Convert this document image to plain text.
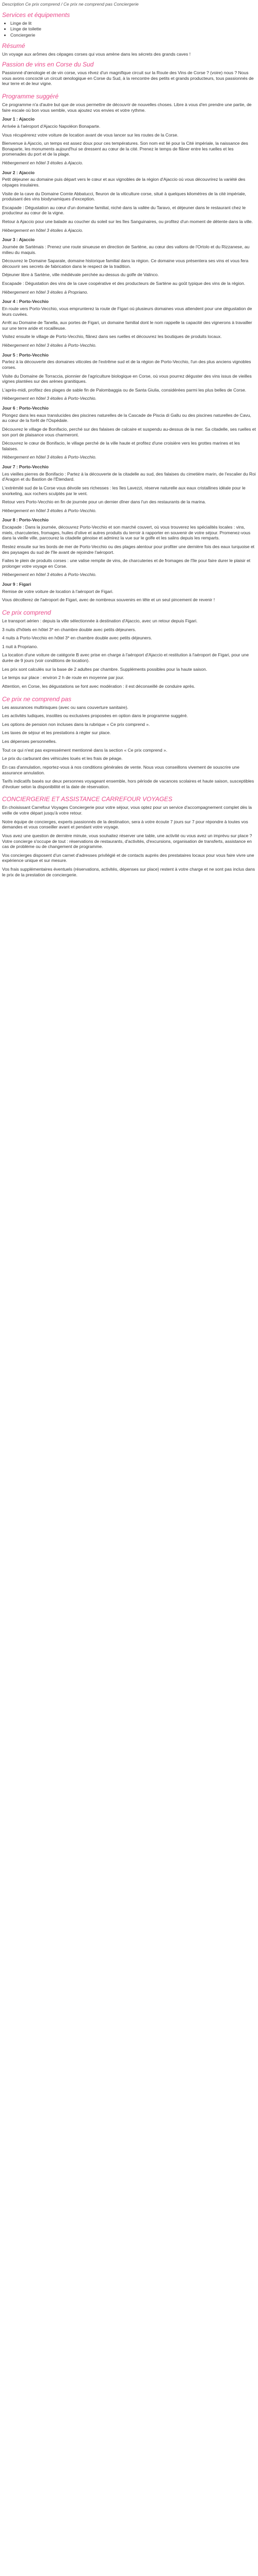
Description Ce prix comprend / Ce prix ne comprend pas Conciergerie

Services et équipements
• Linge de lit
• Linge de toilette
• Conciergerie
Résumé

Un voyage aux arômes des cépages corses qui vous amène dans les sécrets des grands caves !

Passion de vins en Corse du Sud

Passionné d'œnologie et de vin corse, vous rêvez d'un magnifique circuit sur la Route des Vins de Corse ? (voire) nous ? Nous vous avons concocté un circuit œnologique en Corse du Sud, à la rencontre des petits et grands producteurs, tous passionnés de leur terre et de leur vigne.

Programme suggéré

Ce programme n'a d'autre but que de vous permettre de découvrir de nouvelles choses. Libre à vous d'en prendre une partie, de faire escale où bon vous semble, vous ajoutez vos envies et votre rythme.

Jour 1 : Ajaccio

Arrivée à l'aéroport d'Ajaccio Napoléon Bonaparte.

Vous récupérerez votre voiture de location avant de vous lancer sur les routes de la Corse.

Bienvenue à Ajaccio, un temps est assez doux pour ces températures. Son nom est lié pour la Cité impériale, la naissance des Bonaparte, les monuments aujourd'hui se dressent au cœur de la cité. Prenez le temps de flâner entre les ruelles et les promenades du port et de la plage.

Hébergement en hôtel 3 étoiles à Ajaccio.

Jour 2 : Ajaccio

Petit déjeuner au domaine puis départ vers le cœur et aux vignobles de la région d'Ajaccio où vous découvrirez la variété des cépages insulaires.

Visite de la cave du Domaine Comte Abbatucci, fleuron de la viticulture corse, situé à quelques kilomètres de la cité impériale, produisant des vins biodynamiques d'exception.

Escapade : Dégustation au cœur d'un domaine familial, niché dans la vallée du Taravo, et déjeuner dans le restaurant chez le producteur au cœur de la vigne.

Retour à Ajaccio pour une balade au coucher du soleil sur les îles Sanguinaires, ou profitez d'un moment de détente dans la ville.

Hébergement en hôtel 3 étoiles à Ajaccio.

Jour 3 : Ajaccio

Journée de Sartènais : Prenez une route sinueuse en direction de Sartène, au cœur des vallons de l'Ortolo et du Rizzanese, au milieu du maquis.

Découvrez le Domaine Saparale, domaine historique familial dans la région. Ce domaine vous présentera ses vins et vous fera découvrir ses secrets de fabrication dans le respect de la tradition.

Déjeuner libre à Sartène, ville médiévale perchée au-dessus du golfe de Valinco.

Escapade : Dégustation des vins de la cave coopérative et des producteurs de Sartène au goût typique des vins de la région.

Hébergement en hôtel 3 étoiles à Propriano.

Jour 4 : Porto-Vecchio

En route vers Porto-Vecchio, vous emprunterez la route de Figari où plusieurs domaines vous attendent pour une dégustation de leurs cuvées.

Arrêt au Domaine de Tanella, aux portes de Figari, un domaine familial dont le nom rappelle la capacité des vignerons à travailler sur une terre aride et rocailleuse.

Visitez ensuite le village de Porto-Vecchio, flânez dans ses ruelles et découvrez les boutiques de produits locaux.

Hébergement en hôtel 3 étoiles à Porto-Vecchio.

Jour 5 : Porto-Vecchio

Partez à la découverte des domaines viticoles de l'extrême sud et de la région de Porto-Vecchio, l'un des plus anciens vignobles corses.

Visite du Domaine de Torraccia, pionnier de l'agriculture biologique en Corse, où vous pourrez déguster des vins issus de vieilles vignes plantées sur des arènes granitiques.

L'après-midi, profitez des plages de sable fin de Palombaggia ou de Santa Giulia, considérées parmi les plus belles de Corse.

Hébergement en hôtel 3 étoiles à Porto-Vecchio.

Jour 6 : Porto-Vecchio

Plongez dans les eaux translucides des piscines naturelles de la Cascade de Piscia di Gallu ou des piscines naturelles de Cavu, au cœur de la forêt de l'Ospédale.

Découvrez le village de Bonifacio, perché sur des falaises de calcaire et suspendu au-dessus de la mer. Sa citadelle, ses ruelles et son port de plaisance vous charmeront.

Découvrez le cœur de Bonifacio, le village perché de la ville haute et profitez d'une croisière vers les grottes marines et les falaises.

Hébergement en hôtel 3 étoiles à Porto-Vecchio.

Jour 7 : Porto-Vecchio

Les vieilles pierres de Bonifacio : Partez à la découverte de la citadelle au sud, des falaises du cimetière marin, de l'escalier du Roi d'Aragon et du Bastion de l'Étendard.

L'extrémité sud de la Corse vous dévoile ses richesses : les îles Lavezzi, réserve naturelle aux eaux cristallines idéale pour le snorkeling, aux rochers sculptés par le vent.

Retour vers Porto-Vecchio en fin de journée pour un dernier dîner dans l'un des restaurants de la marina.

Hébergement en hôtel 3 étoiles à Porto-Vecchio.

Jour 8 : Porto-Vecchio

Escapade : Dans la journée, découvrez Porto-Vecchio et son marché couvert, où vous trouverez les spécialités locales : vins, miels, charcuteries, fromages, huiles d'olive et autres produits du terroir à rapporter en souvenir de votre séjour. Promenez-vous dans la vieille ville, parcourez la citadelle génoise et admirez la vue sur le golfe et les salins depuis les remparts.

Restez ensuite sur les bords de mer de Porto-Vecchio ou des plages alentour pour profiter une dernière fois des eaux turquoise et des paysages du sud de l'île avant de rejoindre l'aéroport.

Faites le plein de produits corses : une valise remplie de vins, de charcuteries et de fromages de l'île pour faire durer le plaisir et prolonger votre voyage en Corse.

Hébergement en hôtel 3 étoiles à Porto-Vecchio.

Jour 9 : Figari

Remise de votre voiture de location à l'aéroport de Figari.

Vous décollerez de l'aéroport de Figari, avec de nombreux souvenirs en tête et un seul pincement de revenir !

Ce prix comprend

Le transport aérien : depuis la ville sélectionnée à destination d'Ajaccio, avec un retour depuis Figari.

3 nuits d'hôtels en hôtel 3* en chambre double avec petits déjeuners.

4 nuits à Porto-Vecchio en hôtel 3* en chambre double avec petits déjeuners.

1 nuit à Propriano.

La location d'une voiture de catégorie B avec prise en charge à l'aéroport d'Ajaccio et restitution à l'aéroport de Figari, pour une durée de 9 jours (voir conditions de location).

Les prix sont calculés sur la base de 2 adultes par chambre. Suppléments possibles pour la haute saison.

Le temps sur place : environ 2 h de route en moyenne par jour.

Attention, en Corse, les dégustations se font avec modération : il est déconseillé de conduire après.

Ce prix ne comprend pas

Les assurances multirisques (avec ou sans couverture sanitaire).

Les activités ludiques, insolites ou exclusives proposées en option dans le programme suggéré.

Les options de pension non incluses dans la rubrique « Ce prix comprend ».

Les taxes de séjour et les prestations à régler sur place.

Les dépenses personnelles.

Tout ce qui n'est pas expressément mentionné dans la section « Ce prix comprend ».

Le prix du carburant des véhicules loués et les frais de péage.

En cas d'annulation, reportez-vous à nos conditions générales de vente. Nous vous conseillons vivement de souscrire une assurance annulation.

Tarifs indicatifs basés sur deux personnes voyageant ensemble, hors période de vacances scolaires et haute saison, susceptibles d'évoluer selon la disponibilité et la date de réservation.

CONCIERGERIE ET ASSISTANCE CARREFOUR VOYAGES

En choisissant Carrefour Voyages Conciergerie pour votre séjour, vous optez pour un service d'accompagnement complet dès la veille de votre départ jusqu'à votre retour.

Notre équipe de concierges, experts passionnés de la destination, sera à votre écoute 7 jours sur 7 pour répondre à toutes vos demandes et vous conseiller avant et pendant votre voyage.

Vous avez une question de dernière minute, vous souhaitez réserver une table, une activité ou vous avez un imprévu sur place ? Votre concierge s'occupe de tout : réservations de restaurants, d'activités, d'excursions, organisation de transferts, assistance en cas de problème ou de changement de programme.

Vos concierges disposent d'un carnet d'adresses privilégié et de contacts auprès des prestataires locaux pour vous faire vivre une expérience unique et sur mesure.

Vos frais supplémentaires éventuels (réservations, activités, dépenses sur place) restent à votre charge et ne sont pas inclus dans le prix de la prestation de conciergerie.
